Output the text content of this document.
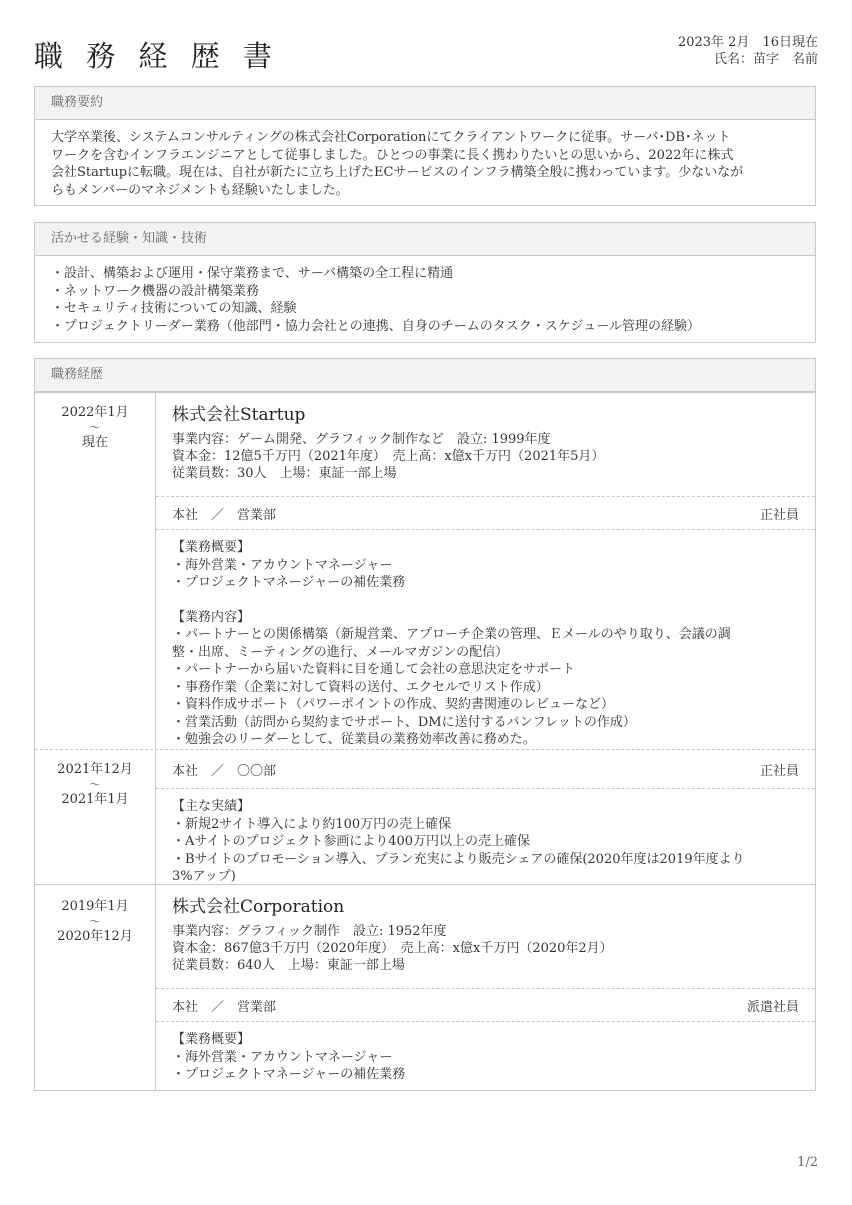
職 務 経 歴 書	2023年 2月　16日現在
氏名：苗字　名前
職務要約
大学卒業後、システムコンサルティングの株式会社Corporationにてクライアントワークに従事。サーバ･DB･ネット
ワークを含むインフラエンジニアとして従事しました。ひとつの事業に長く携わりたいとの思いから、2022年に株式
会社Startupに転職。現在は、自社が新たに立ち上げたECサービスのインフラ構築全般に携わっています。少ないなが
らもメンバーのマネジメントも経験いたしました。
活かせる経験・知識・技術
・設計、構築および運用・保守業務まで、サーバ構築の全工程に精通
・ネットワーク機器の設計構築業務
・セキュリティ技術についての知識、経験
・プロジェクトリーダー業務（他部門・協力会社との連携、自身のチームのタスク・スケジュール管理の経験）
職務経歴
2022年1月
～
現在
株式会社Startup
事業内容：ゲーム開発、グラフィック制作など　設立: 1999年度
資本金：12億5千万円（2021年度）　売上高：x億x千万円（2021年5月）
従業員数：30人　上場：東証一部上場
本社　／　営業部	正社員
【業務概要】
・海外営業・アカウントマネージャー
・プロジェクトマネージャーの補佐業務
【業務内容】
・パートナーとの関係構築（新規営業、アプローチ企業の管理、Ｅメールのやり取り、会議の調
整・出席、ミーティングの進行、メールマガジンの配信）
・パートナーから届いた資料に目を通して会社の意思決定をサポート
・事務作業（企業に対して資料の送付、エクセルでリスト作成）
・資料作成サポート（パワーポイントの作成、契約書関連のレビューなど）
・営業活動（訪問から契約までサポート、DMに送付するパンフレットの作成）
・勉強会のリーダーとして、従業員の業務効率改善に務めた。
2021年12月
～
2021年1月
本社　／　〇〇部	正社員
【主な実績】
・新規2サイト導入により約100万円の売上確保
・Aサイトのプロジェクト参画により400万円以上の売上確保
・Bサイトのプロモーション導入、プラン充実により販売シェアの確保(2020年度は2019年度より
3%アップ)
2019年1月
～
2020年12月
株式会社Corporation
事業内容：グラフィック制作　設立: 1952年度
資本金：867億3千万円（2020年度）　売上高：x億x千万円（2020年2月）
従業員数：640人　上場：東証一部上場
本社　／　営業部	派遣社員
【業務概要】
・海外営業・アカウントマネージャー
・プロジェクトマネージャーの補佐業務
1/2
